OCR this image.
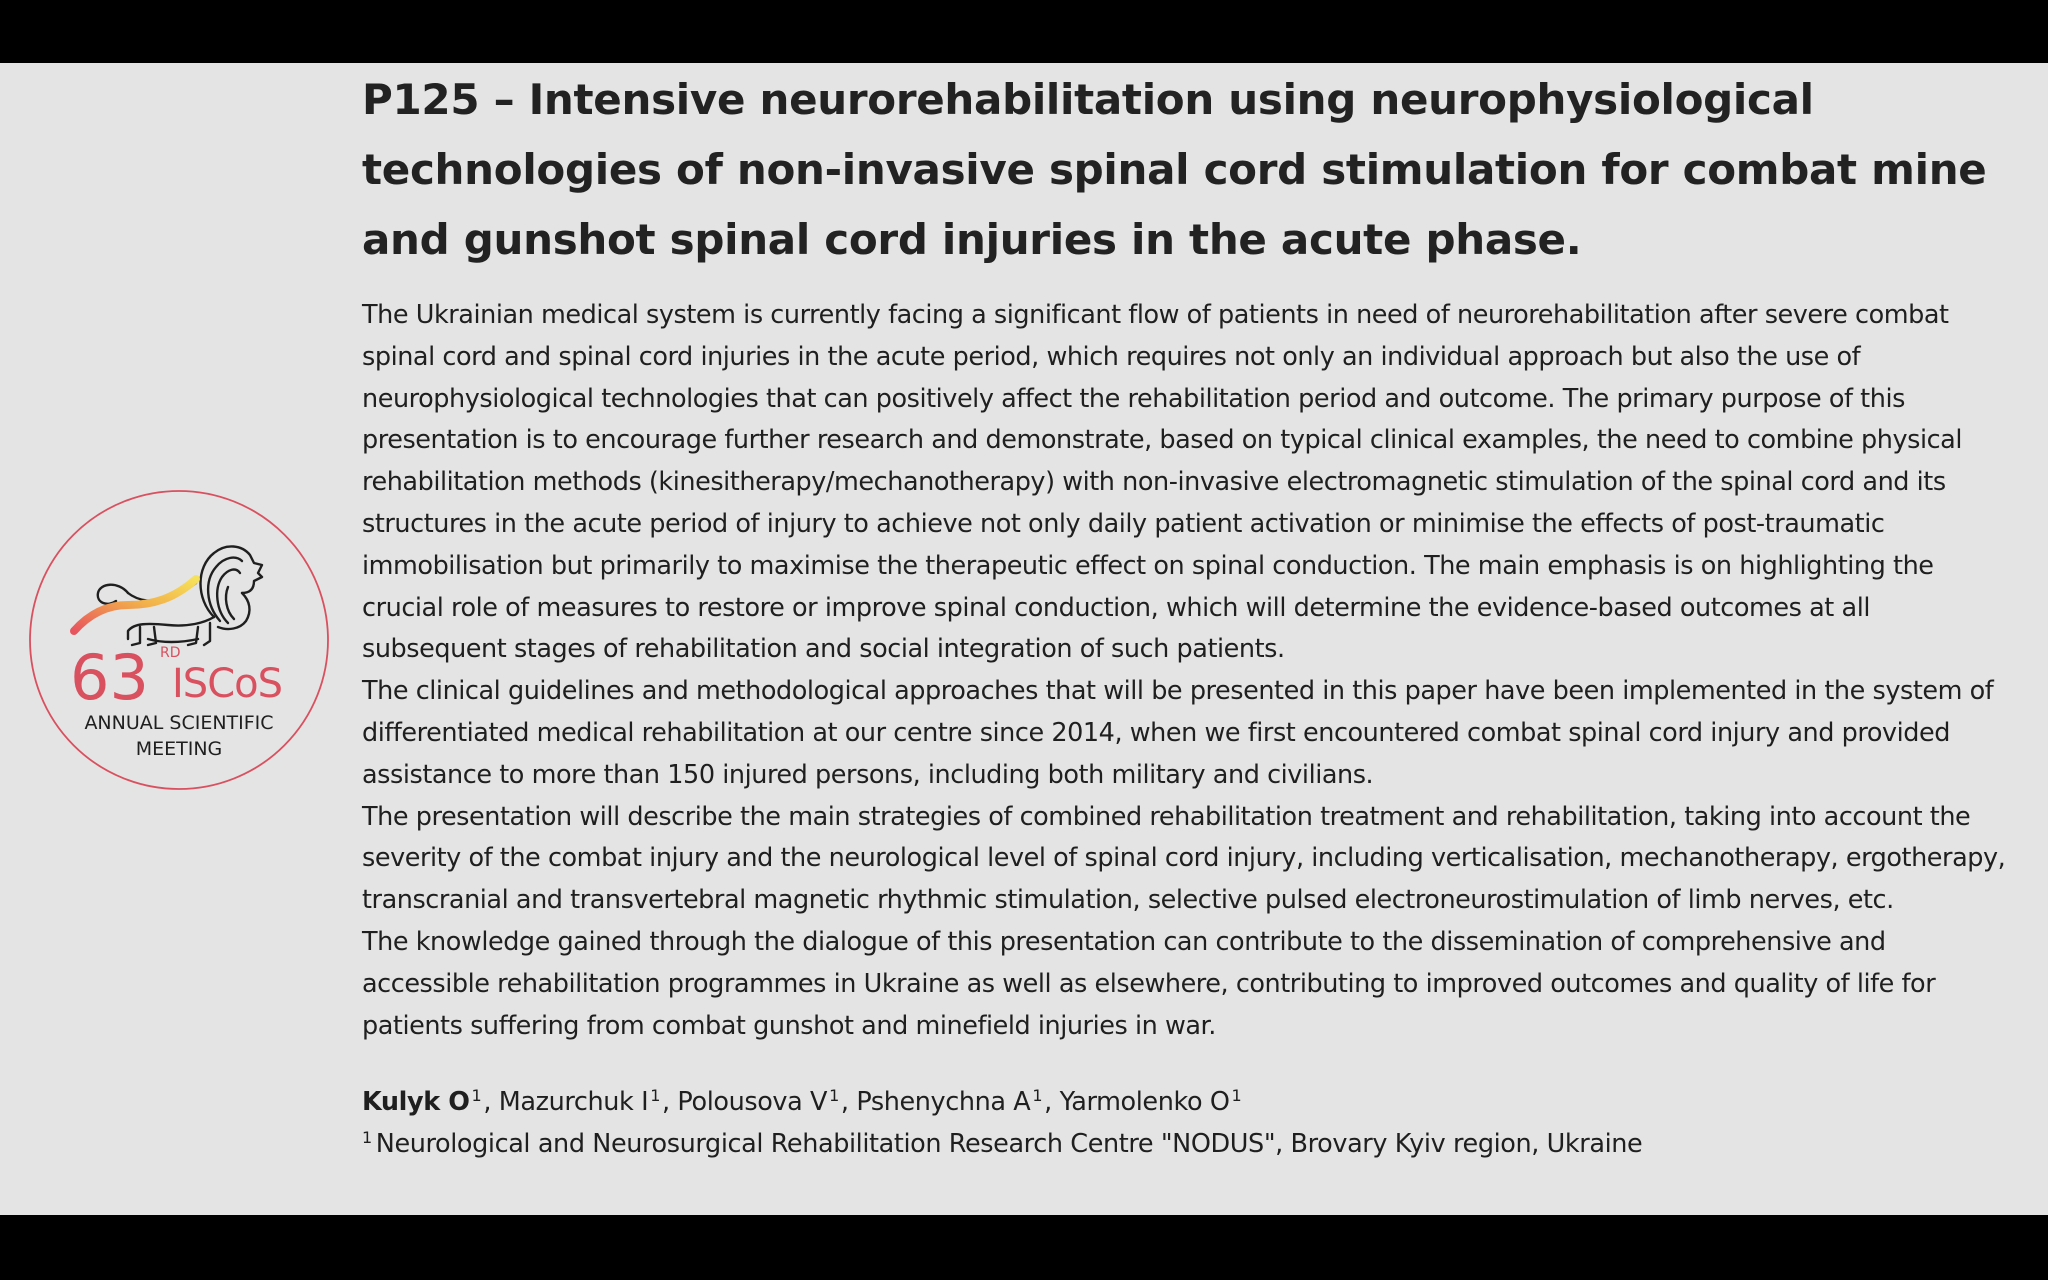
63 RD
ISCoS
ANNUAL SCIENTIFIC
MEETING
P125 – Intensive neurorehabilitation using neurophysiological technologies of non-invasive spinal cord stimulation for combat mine and gunshot spinal cord injuries in the acute phase.

The Ukrainian medical system is currently facing a significant flow of patients in need of neurorehabilitation after severe combat spinal cord and spinal cord injuries in the acute period, which requires not only an individual approach but also the use of neurophysiological technologies that can positively affect the rehabilitation period and outcome. The primary purpose of this presentation is to encourage further research and demonstrate, based on typical clinical examples, the need to combine physical rehabilitation methods (kinesitherapy/mechanotherapy) with non-invasive electromagnetic stimulation of the spinal cord and its structures in the acute period of injury to achieve not only daily patient activation or minimise the effects of post-traumatic immobilisation but primarily to maximise the therapeutic effect on spinal conduction. The main emphasis is on highlighting the crucial role of measures to restore or improve spinal conduction, which will determine the evidence-based outcomes at all subsequent stages of rehabilitation and social integration of such patients.

The clinical guidelines and methodological approaches that will be presented in this paper have been implemented in the system of differentiated medical rehabilitation at our centre since 2014, when we first encountered combat spinal cord injury and provided assistance to more than 150 injured persons, including both military and civilians.

The presentation will describe the main strategies of combined rehabilitation treatment and rehabilitation, taking into account the severity of the combat injury and the neurological level of spinal cord injury, including verticalisation, mechanotherapy, ergotherapy, transcranial and transvertebral magnetic rhythmic stimulation, selective pulsed electroneurostimulation of limb nerves, etc.

The knowledge gained through the dialogue of this presentation can contribute to the dissemination of comprehensive and accessible rehabilitation programmes in Ukraine as well as elsewhere, contributing to improved outcomes and quality of life for patients suffering from combat gunshot and minefield injuries in war.

Kulyk O $^1$, Mazurchuk I $^1$, Polousova V $^1$, Pshenychna A $^1$, Yarmolenko O $^1$
$^1$ Neurological and Neurosurgical Rehabilitation Research Centre "NODUS", Brovary Kyiv region, Ukraine
